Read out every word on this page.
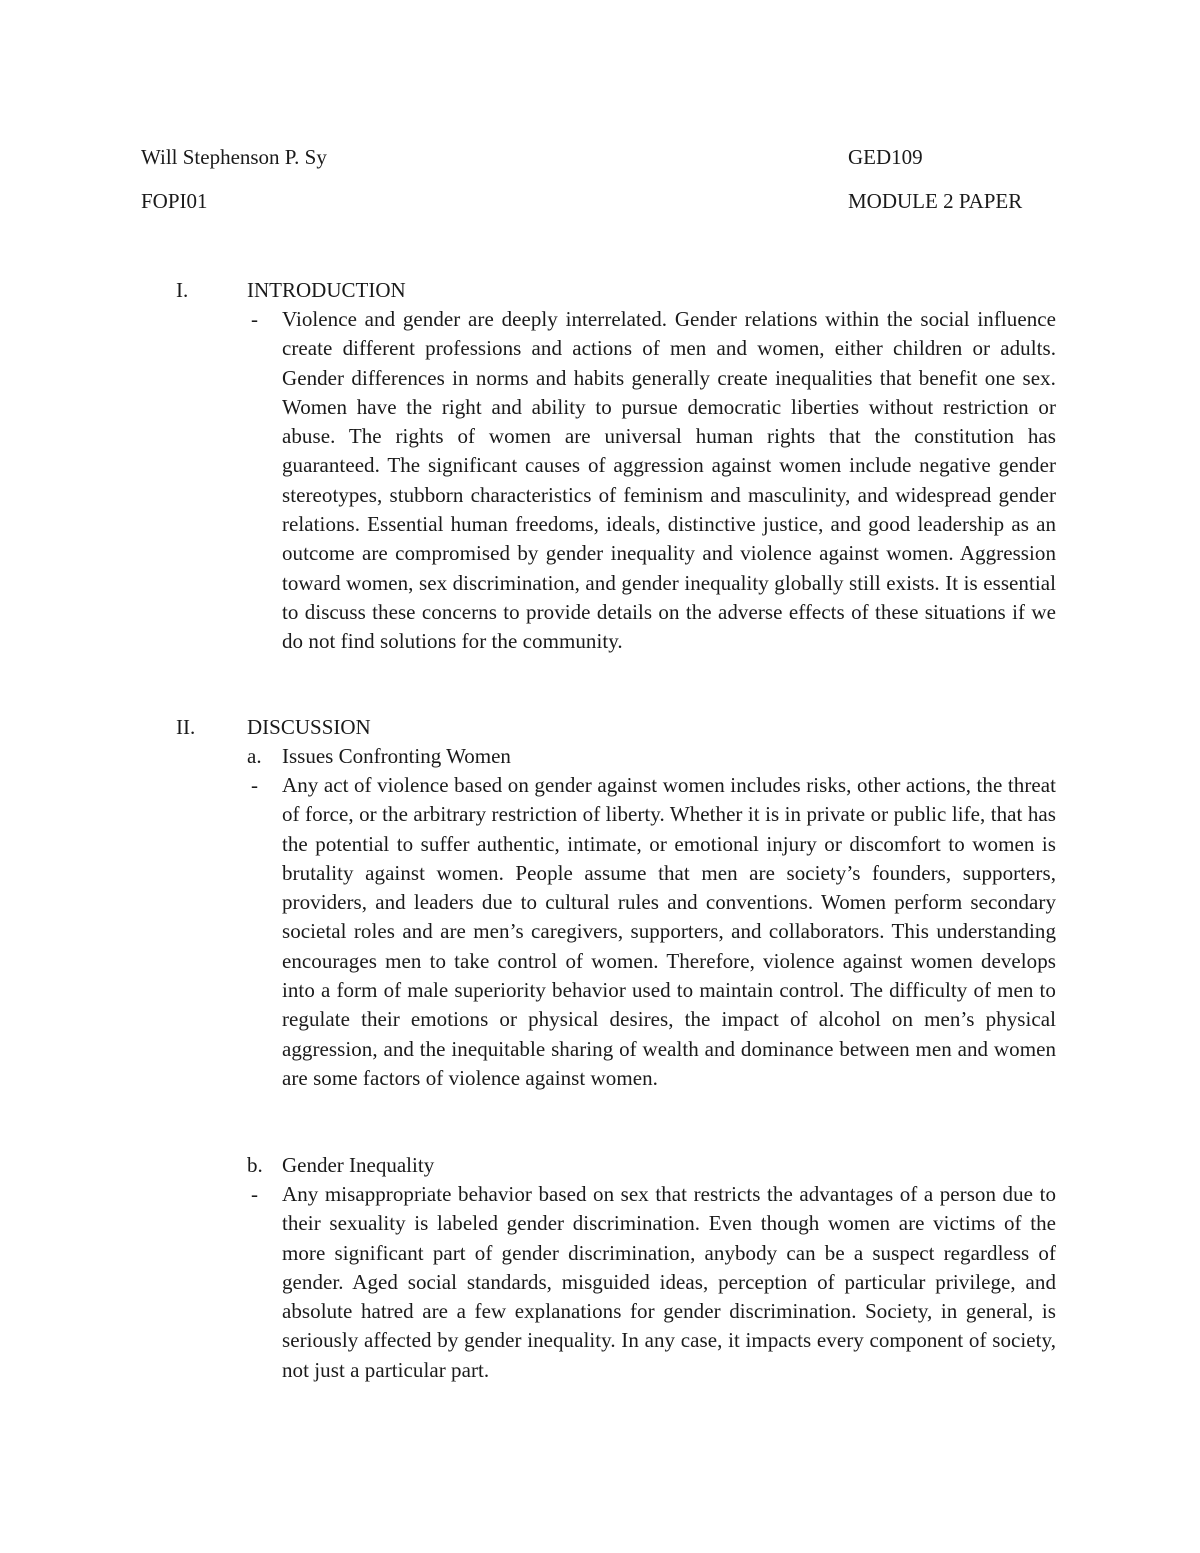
Will Stephenson P. Sy	GED109
FOPI01	MODULE 2 PAPER
I.	INTRODUCTION
- Violence and gender are deeply interrelated. Gender relations within the social influence create different professions and actions of men and women, either children or adults. Gender differences in norms and habits generally create inequalities that benefit one sex. Women have the right and ability to pursue democratic liberties without restriction or abuse. The rights of women are universal human rights that the constitution has guaranteed. The significant causes of aggression against women include negative gender stereotypes, stubborn characteristics of feminism and masculinity, and widespread gender relations. Essential human freedoms, ideals, distinctive justice, and good leadership as an outcome are compromised by gender inequality and violence against women. Aggression toward women, sex discrimination, and gender inequality globally still exists. It is essential to discuss these concerns to provide details on the adverse effects of these situations if we do not find solutions for the community.
II. DISCUSSION
a. Issues Confronting Women
- Any act of violence based on gender against women includes risks, other actions, the threat of force, or the arbitrary restriction of liberty. Whether it is in private or public life, that has the potential to suffer authentic, intimate, or emotional injury or discomfort to women is brutality against women. People assume that men are society’s founders, supporters, providers, and leaders due to cultural rules and conventions. Women perform secondary societal roles and are men’s caregivers, supporters, and collaborators. This understanding encourages men to take control of women. Therefore, violence against women develops into a form of male superiority behavior used to maintain control. The difficulty of men to regulate their emotions or physical desires, the impact of alcohol on men’s physical aggression, and the inequitable sharing of wealth and dominance between men and women are some factors of violence against women.
b. Gender Inequality
- Any misappropriate behavior based on sex that restricts the advantages of a person due to their sexuality is labeled gender discrimination. Even though women are victims of the more significant part of gender discrimination, anybody can be a suspect regardless of gender. Aged social standards, misguided ideas, perception of particular privilege, and absolute hatred are a few explanations for gender discrimination. Society, in general, is seriously affected by gender inequality. In any case, it impacts every component of society, not just a particular part.
